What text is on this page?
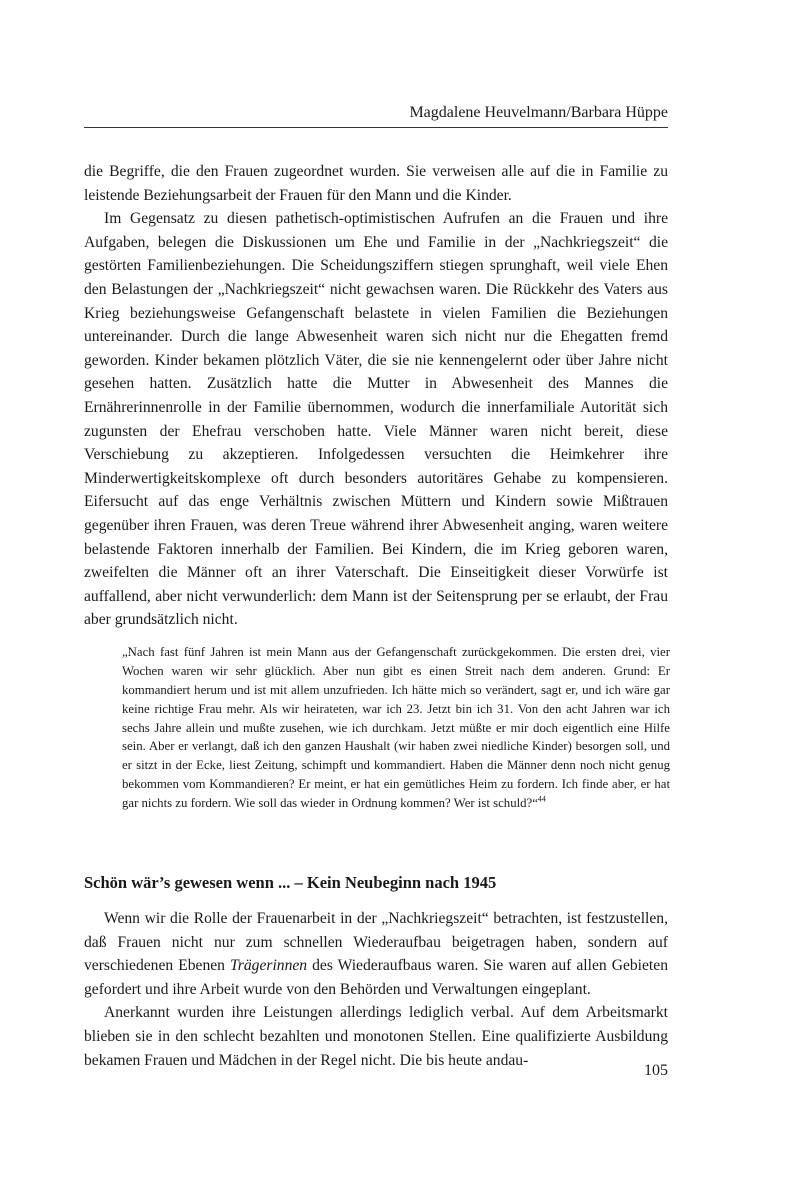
Magdalene Heuvelmann/Barbara Hüppe

die Begriffe, die den Frauen zugeordnet wurden. Sie verweisen alle auf die in Familie zu leistende Beziehungsarbeit der Frauen für den Mann und die Kinder.

Im Gegensatz zu diesen pathetisch-optimistischen Aufrufen an die Frauen und ihre Aufgaben, belegen die Diskussionen um Ehe und Familie in der „Nachkriegszeit“ die gestörten Familienbeziehungen. Die Scheidungsziffern stiegen sprunghaft, weil viele Ehen den Belastungen der „Nachkriegszeit“ nicht gewachsen waren. Die Rückkehr des Vaters aus Krieg beziehungsweise Gefangenschaft belastete in vielen Familien die Beziehungen untereinander. Durch die lange Abwesenheit waren sich nicht nur die Ehegatten fremd geworden. Kinder bekamen plötzlich Väter, die sie nie kennengelernt oder über Jahre nicht gesehen hatten. Zusätzlich hatte die Mutter in Abwesenheit des Mannes die Ernährerinnenrolle in der Familie übernommen, wodurch die innerfamiliale Autorität sich zugunsten der Ehefrau verschoben hatte. Viele Männer waren nicht bereit, diese Verschiebung zu akzeptieren. Infolgedessen versuchten die Heimkehrer ihre Minderwertigkeitskomplexe oft durch besonders autoritäres Gehabe zu kompensieren. Eifersucht auf das enge Verhältnis zwischen Müttern und Kindern sowie Mißtrauen gegenüber ihren Frauen, was deren Treue während ihrer Abwesenheit anging, waren weitere belastende Faktoren innerhalb der Familien. Bei Kindern, die im Krieg geboren waren, zweifelten die Männer oft an ihrer Vaterschaft. Die Einseitigkeit dieser Vorwürfe ist auffallend, aber nicht verwunderlich: dem Mann ist der Seitensprung per se erlaubt, der Frau aber grundsätzlich nicht.

„Nach fast fünf Jahren ist mein Mann aus der Gefangenschaft zurückgekommen. Die ersten drei, vier Wochen waren wir sehr glücklich. Aber nun gibt es einen Streit nach dem anderen. Grund: Er kommandiert herum und ist mit allem unzufrieden. Ich hätte mich so verändert, sagt er, und ich wäre gar keine richtige Frau mehr. Als wir heirateten, war ich 23. Jetzt bin ich 31. Von den acht Jahren war ich sechs Jahre allein und mußte zusehen, wie ich durchkam. Jetzt müßte er mir doch eigentlich eine Hilfe sein. Aber er verlangt, daß ich den ganzen Haushalt (wir haben zwei niedliche Kinder) besorgen soll, und er sitzt in der Ecke, liest Zeitung, schimpft und kommandiert. Haben die Männer denn noch nicht genug bekommen vom Kommandieren? Er meint, er hat ein gemütliches Heim zu fordern. Ich finde aber, er hat gar nichts zu fordern. Wie soll das wieder in Ordnung kommen? Wer ist schuld?“$^{44}$

Schön wär’s gewesen wenn ... – Kein Neubeginn nach 1945

Wenn wir die Rolle der Frauenarbeit in der „Nachkriegszeit“ betrachten, ist festzustellen, daß Frauen nicht nur zum schnellen Wiederaufbau beigetragen haben, sondern auf verschiedenen Ebenen Trägerinnen des Wiederaufbaus waren. Sie waren auf allen Gebieten gefordert und ihre Arbeit wurde von den Behörden und Verwaltungen eingeplant.

Anerkannt wurden ihre Leistungen allerdings lediglich verbal. Auf dem Arbeitsmarkt blieben sie in den schlecht bezahlten und monotonen Stellen. Eine qualifizierte Ausbildung bekamen Frauen und Mädchen in der Regel nicht. Die bis heute andau-

105
